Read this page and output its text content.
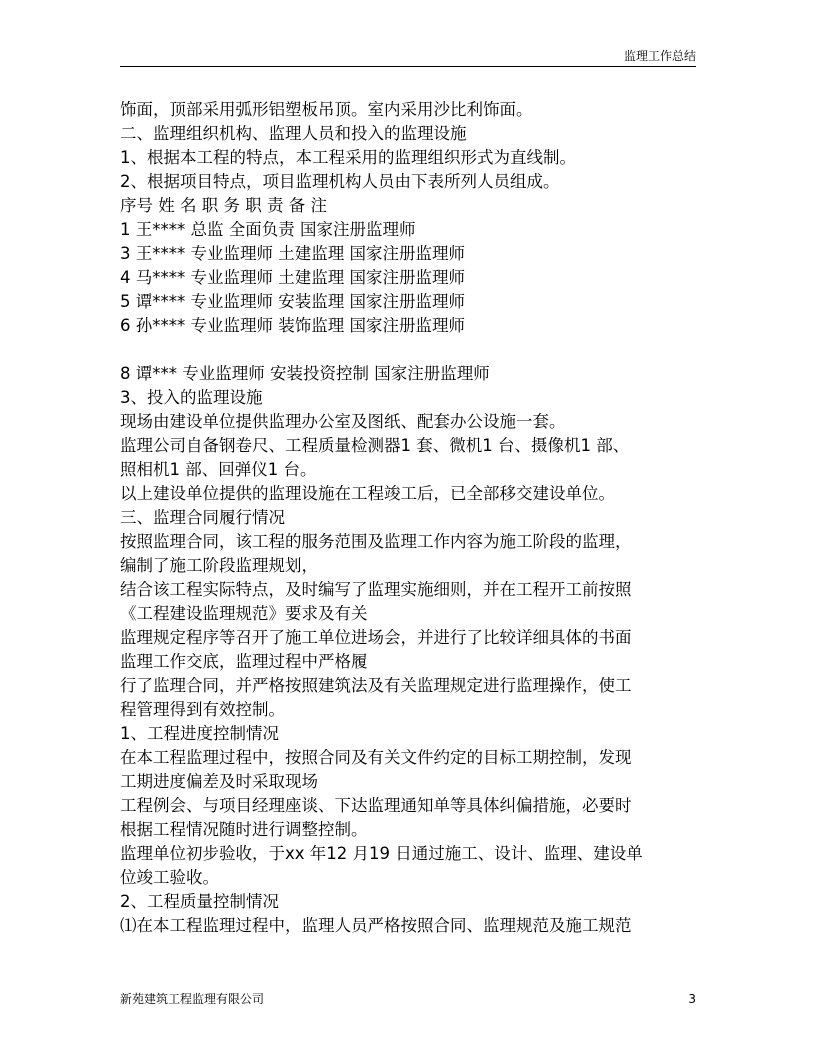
监理工作总结
饰面，顶部采用弧形铝塑板吊顶。室内采用沙比利饰面。
二、监理组织机构、监理人员和投入的监理设施
1、根据本工程的特点，本工程采用的监理组织形式为直线制。
2、根据项目特点，项目监理机构人员由下表所列人员组成。
序号 姓 名 职 务 职 责 备 注
1 王**** 总监 全面负责 国家注册监理师
3 王**** 专业监理师 土建监理 国家注册监理师
4 马**** 专业监理师 土建监理 国家注册监理师
5 谭**** 专业监理师 安装监理 国家注册监理师
6 孙**** 专业监理师 装饰监理 国家注册监理师
8 谭*** 专业监理师 安装投资控制 国家注册监理师
3、投入的监理设施
现场由建设单位提供监理办公室及图纸、配套办公设施一套。
监理公司自备钢卷尺、工程质量检测器1 套、微机1 台、摄像机1 部、
照相机1 部、回弹仪1 台。
以上建设单位提供的监理设施在工程竣工后，已全部移交建设单位。
三、监理合同履行情况
按照监理合同，该工程的服务范围及监理工作内容为施工阶段的监理，
编制了施工阶段监理规划，
结合该工程实际特点，及时编写了监理实施细则，并在工程开工前按照
《工程建设监理规范》要求及有关
监理规定程序等召开了施工单位进场会，并进行了比较详细具体的书面
监理工作交底，监理过程中严格履
行了监理合同，并严格按照建筑法及有关监理规定进行监理操作，使工
程管理得到有效控制。
1、工程进度控制情况
在本工程监理过程中，按照合同及有关文件约定的目标工期控制，发现
工期进度偏差及时采取现场
工程例会、与项目经理座谈、下达监理通知单等具体纠偏措施，必要时
根据工程情况随时进行调整控制。
监理单位初步验收，于xx 年12 月19 日通过施工、设计、监理、建设单
位竣工验收。
2、工程质量控制情况
⑴在本工程监理过程中，监理人员严格按照合同、监理规范及施工规范
新苑建筑工程监理有限公司	3
